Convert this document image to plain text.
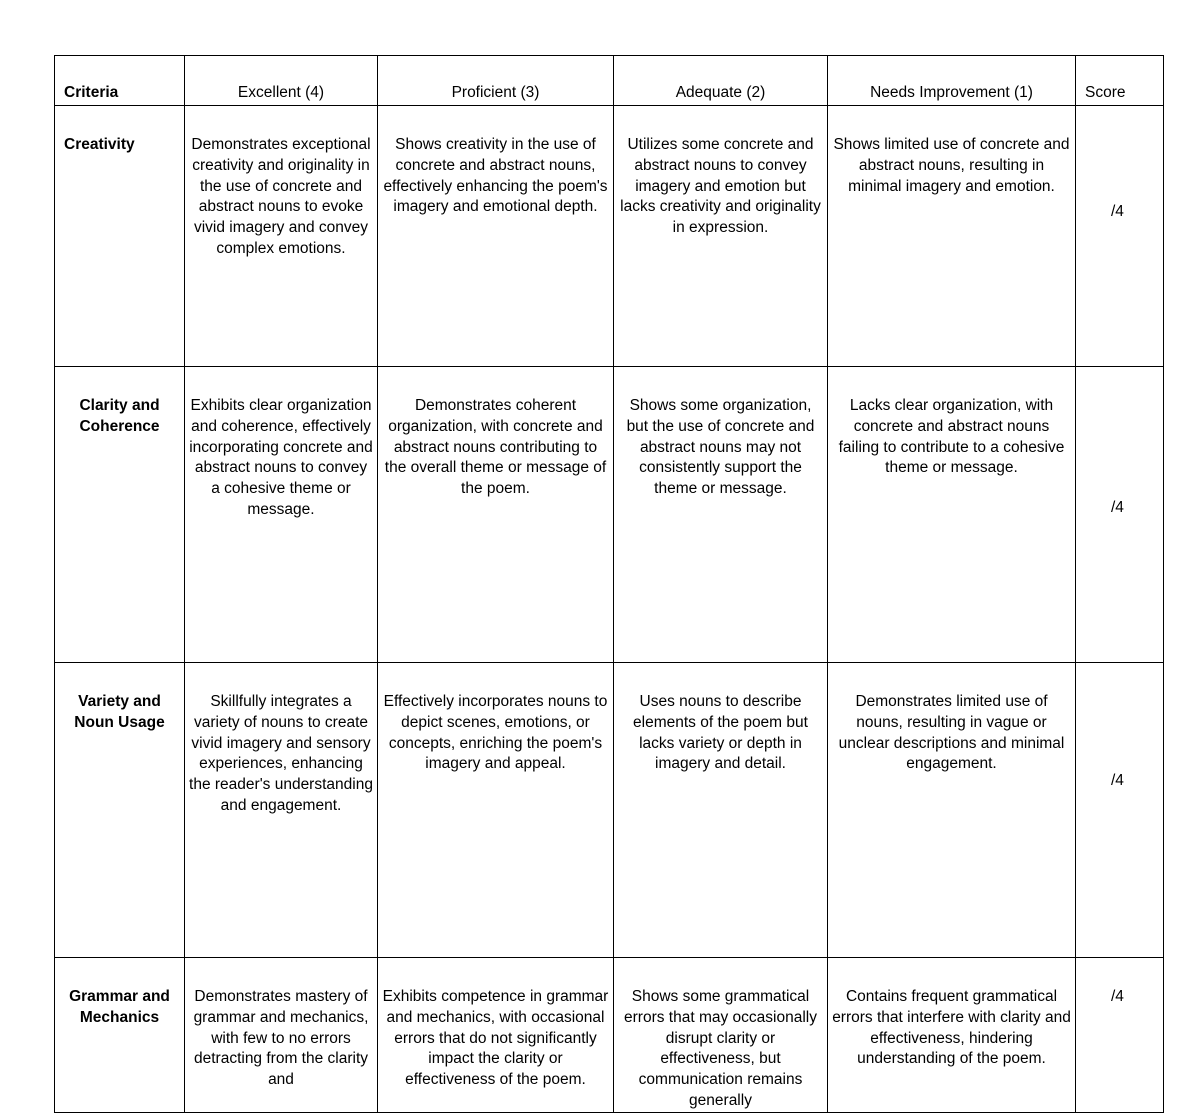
Criteria	Excellent (4)	Proficient (3)	Adequate (2)	Needs Improvement (1)	Score
Creativity	Demonstrates exceptional creativity and originality in the use of concrete and abstract nouns to evoke vivid imagery and convey complex emotions.	Shows creativity in the use of concrete and abstract nouns, effectively enhancing the poem's imagery and emotional depth.	Utilizes some concrete and abstract nouns to convey imagery and emotion but lacks creativity and originality in expression.	Shows limited use of concrete and abstract nouns, resulting in minimal imagery and emotion.	/4
Clarity and Coherence	Exhibits clear organization and coherence, effectively incorporating concrete and abstract nouns to convey a cohesive theme or message.	Demonstrates coherent organization, with concrete and abstract nouns contributing to the overall theme or message of the poem.	Shows some organization, but the use of concrete and abstract nouns may not consistently support the theme or message.	Lacks clear organization, with concrete and abstract nouns failing to contribute to a cohesive theme or message.	/4
Variety and Noun Usage	Skillfully integrates a variety of nouns to create vivid imagery and sensory experiences, enhancing the reader's understanding and engagement.	Effectively incorporates nouns to depict scenes, emotions, or concepts, enriching the poem's imagery and appeal.	Uses nouns to describe elements of the poem but lacks variety or depth in imagery and detail.	Demonstrates limited use of nouns, resulting in vague or unclear descriptions and minimal engagement.	/4
Grammar and Mechanics	Demonstrates mastery of grammar and mechanics, with few to no errors detracting from the clarity and	Exhibits competence in grammar and mechanics, with occasional errors that do not significantly impact the clarity or effectiveness of the poem.	Shows some grammatical errors that may occasionally disrupt clarity or effectiveness, but communication remains generally	Contains frequent grammatical errors that interfere with clarity and effectiveness, hindering understanding of the poem.	/4
